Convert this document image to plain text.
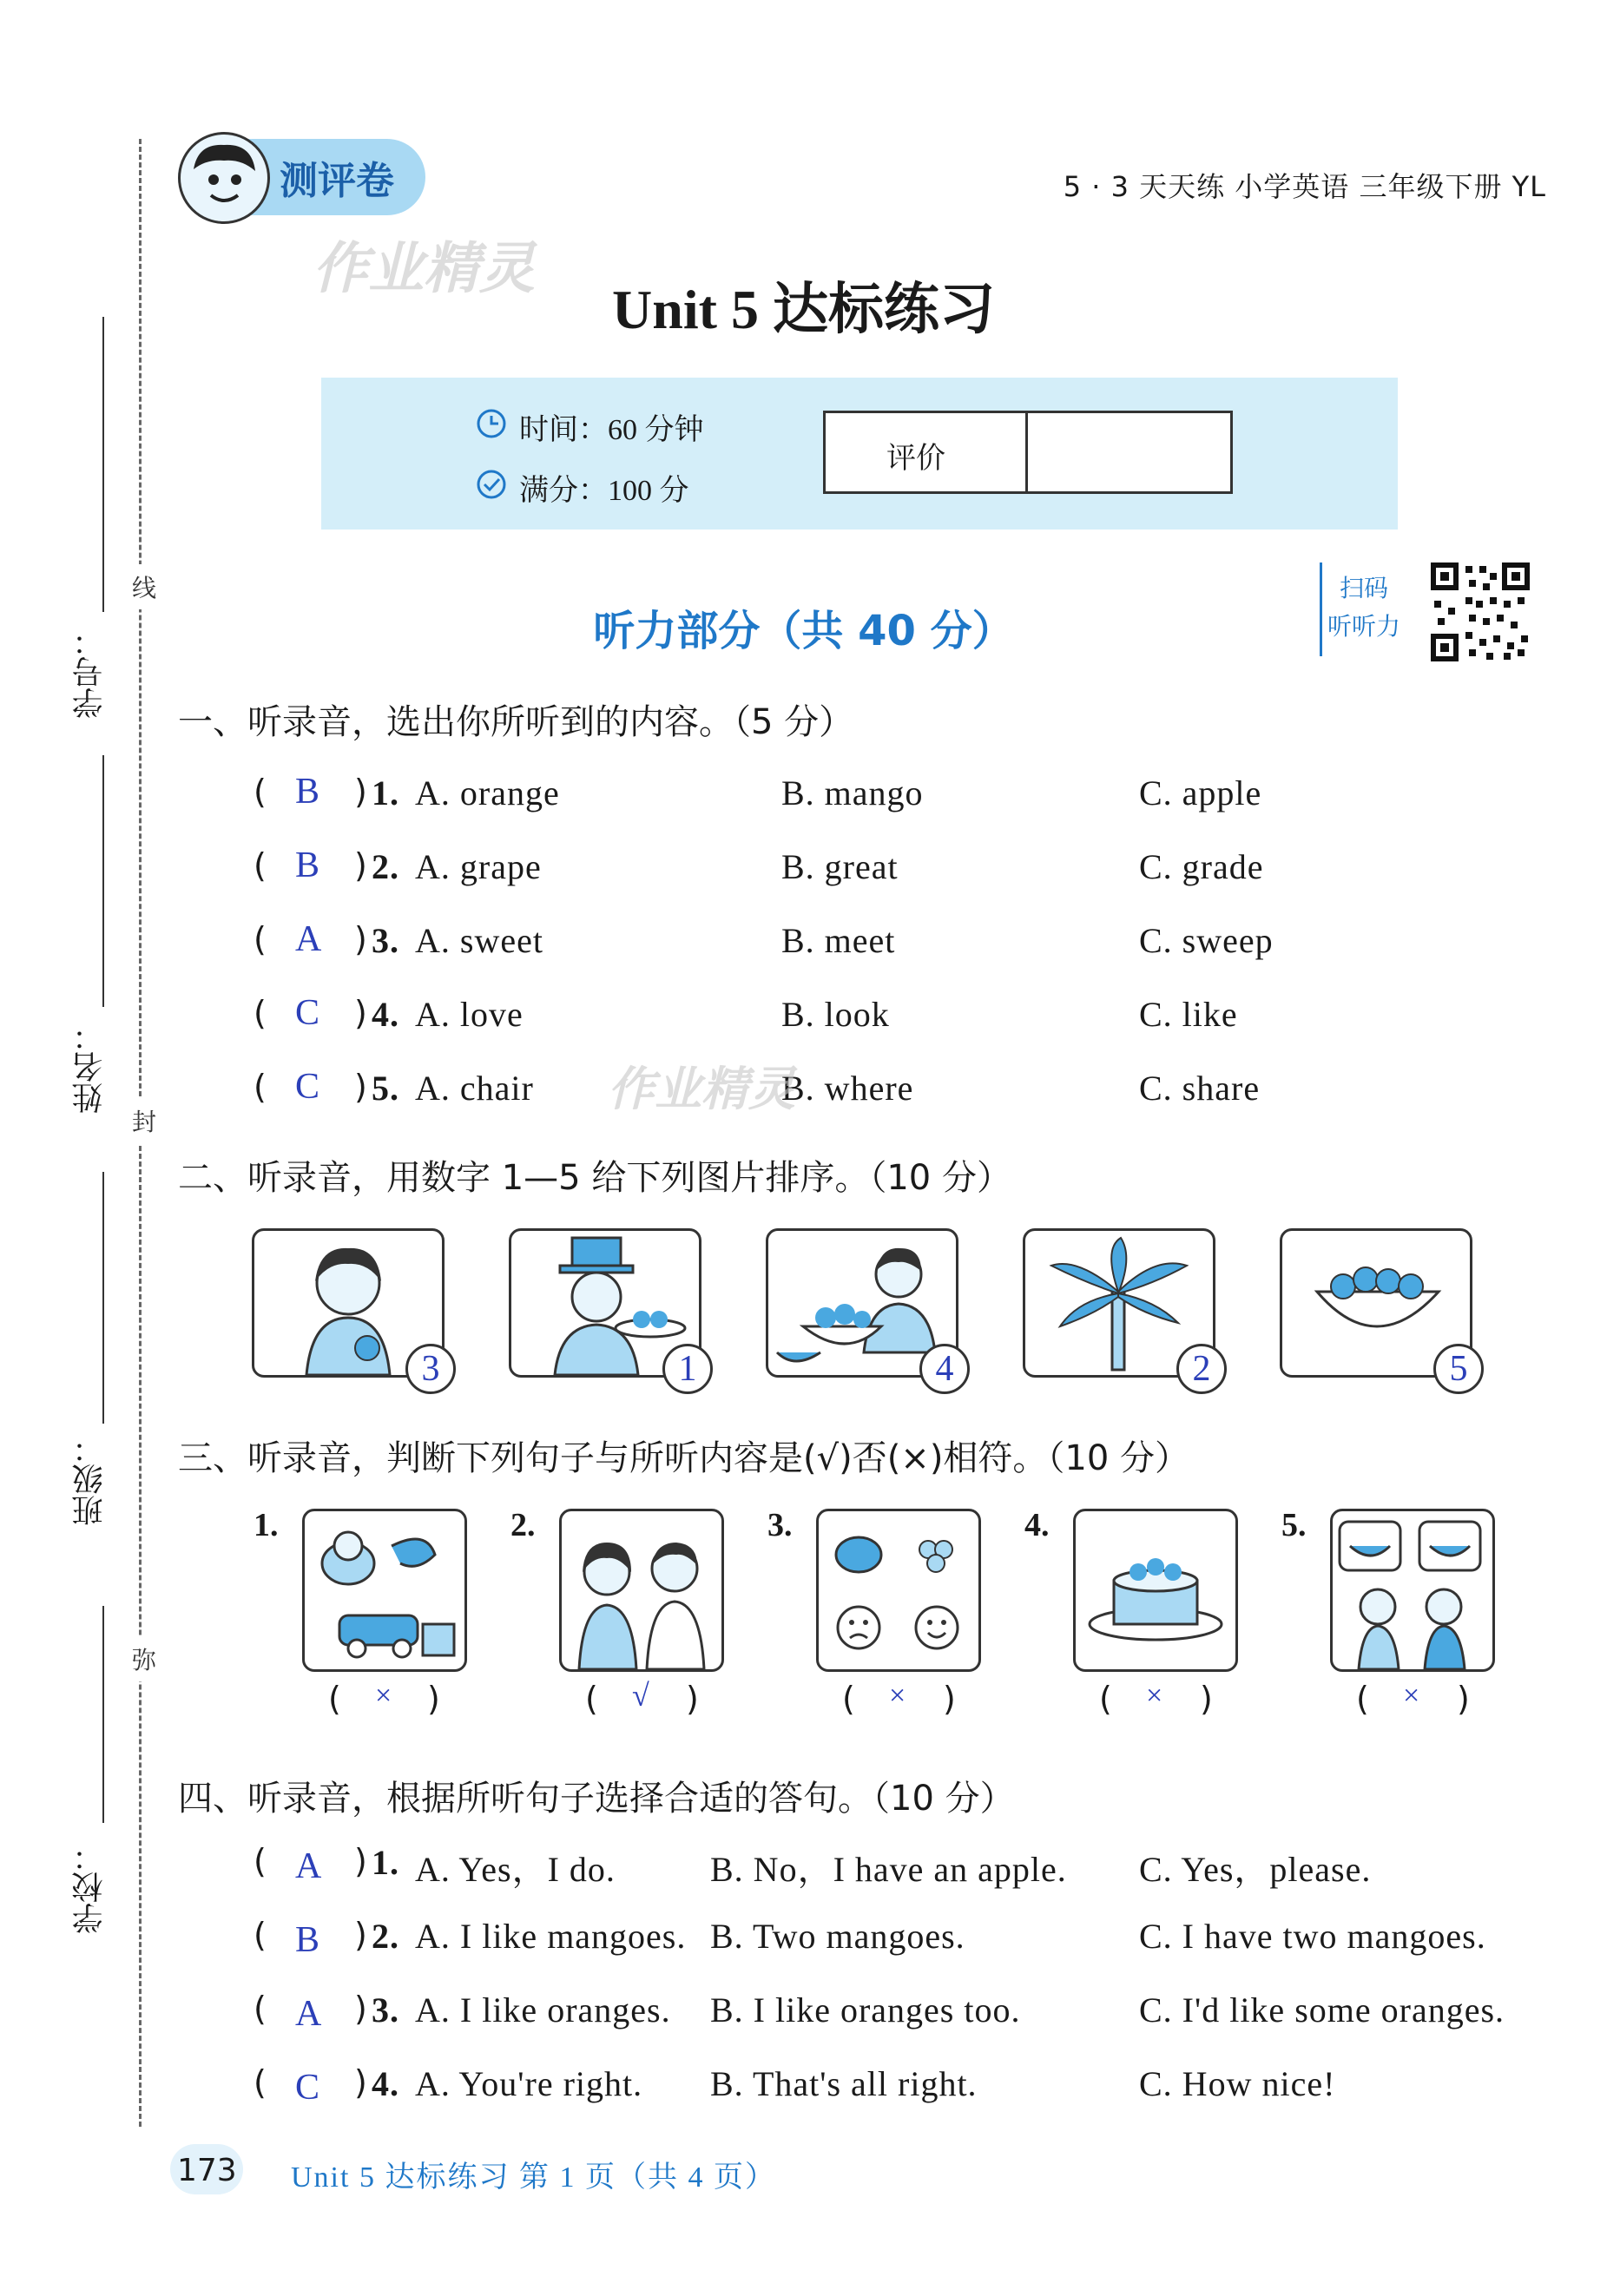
线
封
弥
学校：
班级：
姓名：
学号：
测评卷	5 · 3 天天练 小学英语 三年级下册 YL
作业精灵
Unit 5 达标练习
时间：60 分钟
满分：100 分
评价
听力部分（共 40 分）
扫码
听听力
一、听录音，选出你所听到的内容。（5 分）
( B ) 1. A. orange	B. mango	C. apple
( B ) 2. A. grape	B. great	C. grade
( A ) 3. A. sweet	B. meet	C. sweep
( C ) 4. A. love	B. look	C. like
( C ) 5. A. chair	B. where	C. share
作业精灵
二、听录音，用数字 1—5 给下列图片排序。（10 分）
3	1	4	2	5
三、听录音，判断下列句子与所听内容是(√)否(×)相符。（10 分）
1.
( × )
2.
( √ )
3.
( × )
4.
( × )
5.
( × )
四、听录音，根据所听句子选择合适的答句。（10 分）
( A ) 1. A. Yes，I do.	B. No，I have an apple. C. Yes，please.
( B ) 2. A. I like mangoes. B. Two mangoes.	C. I have two mangoes.
( A ) 3. A. I like oranges. B. I like oranges too.	C. I'd like some oranges.
( C ) 4. A. You're right. B. That's all right.	C. How nice!
173 Unit 5 达标练习 第 1 页（共 4 页）
